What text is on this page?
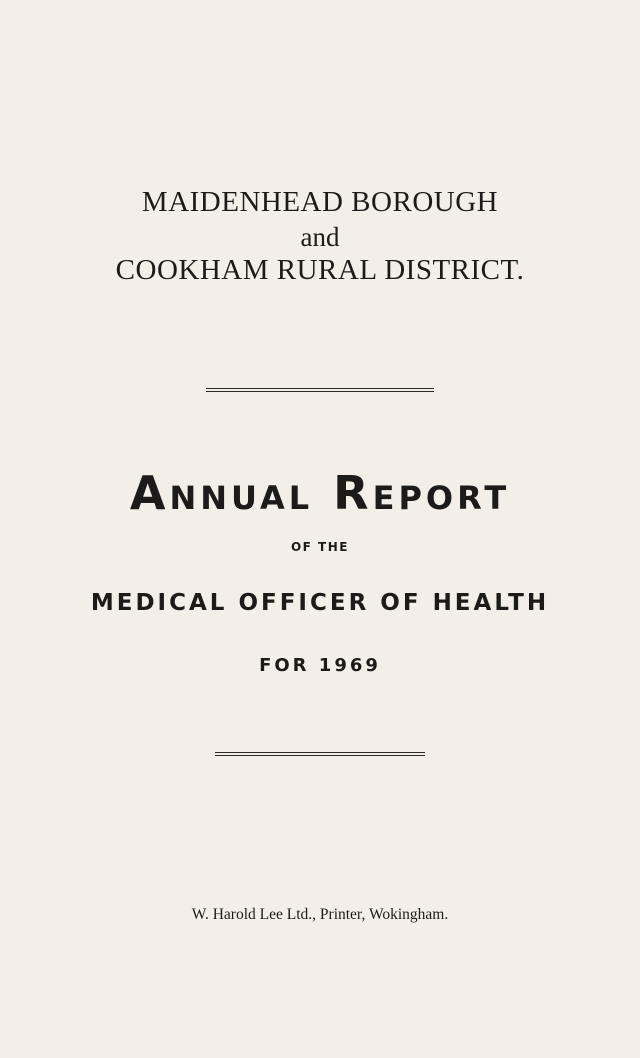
MAIDENHEAD BOROUGH
and
COOKHAM RURAL DISTRICT.
Annual Report
OF THE
MEDICAL OFFICER OF HEALTH
FOR 1969
W. Harold Lee Ltd., Printer, Wokingham.
